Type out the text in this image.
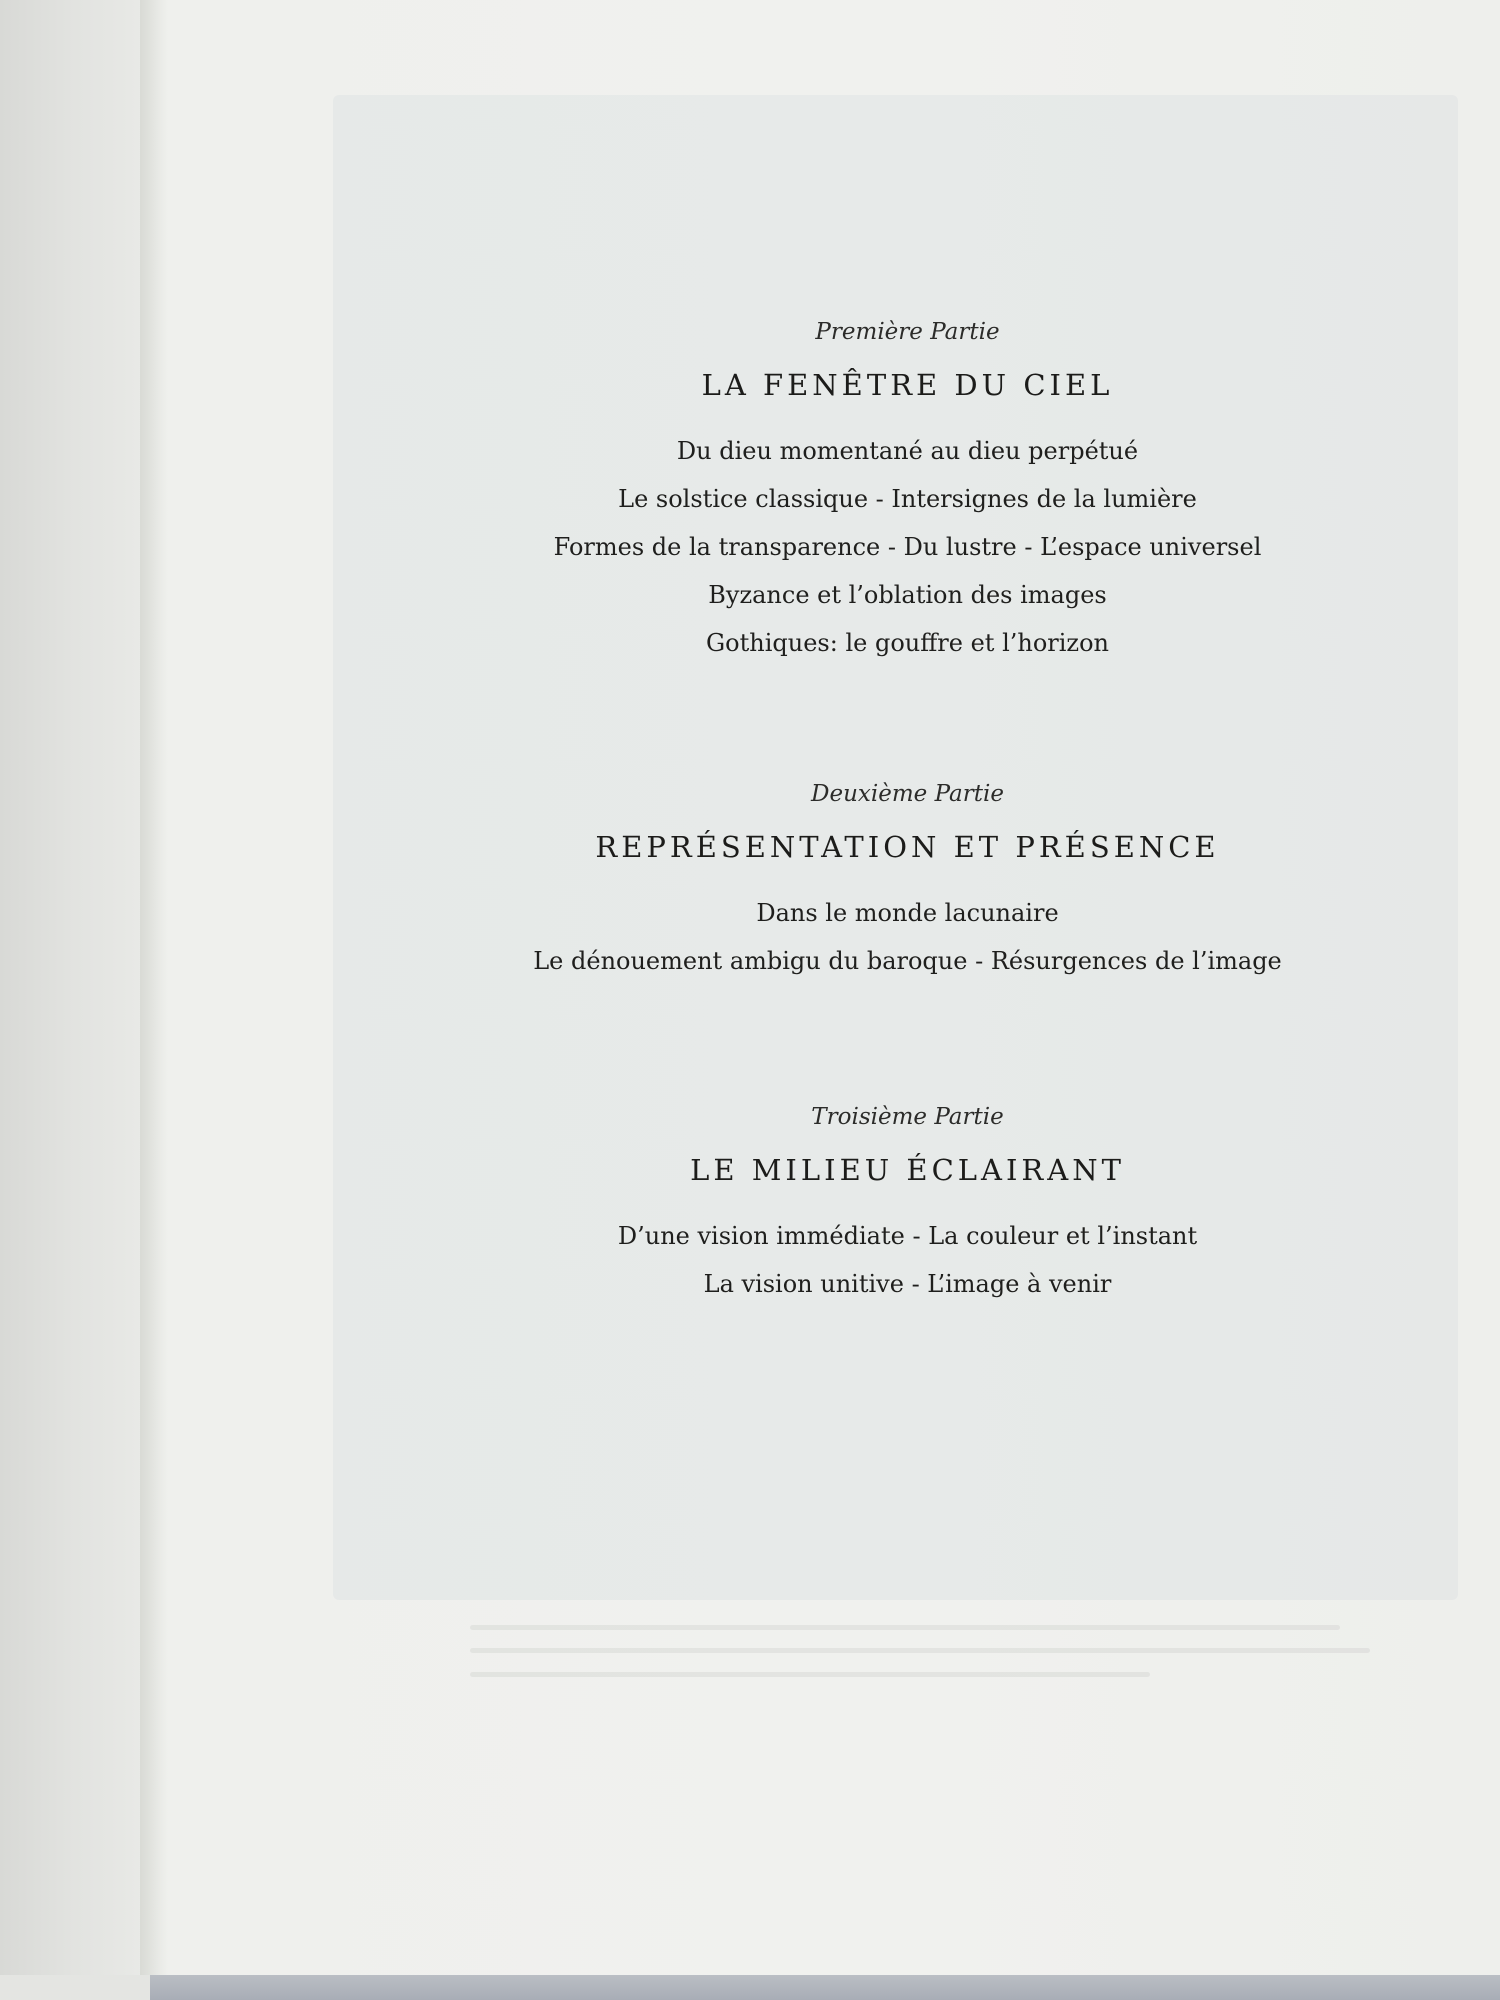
Première Partie
LA FENÊTRE DU CIEL
Du dieu momentané au dieu perpétué
Le solstice classique - Intersignes de la lumière
Formes de la transparence - Du lustre - L’espace universel
Byzance et l’oblation des images
Gothiques: le gouffre et l’horizon
Deuxième Partie
REPRÉSENTATION ET PRÉSENCE
Dans le monde lacunaire
Le dénouement ambigu du baroque - Résurgences de l’image
Troisième Partie
LE MILIEU ÉCLAIRANT
D’une vision immédiate - La couleur et l’instant
La vision unitive - L’image à venir
